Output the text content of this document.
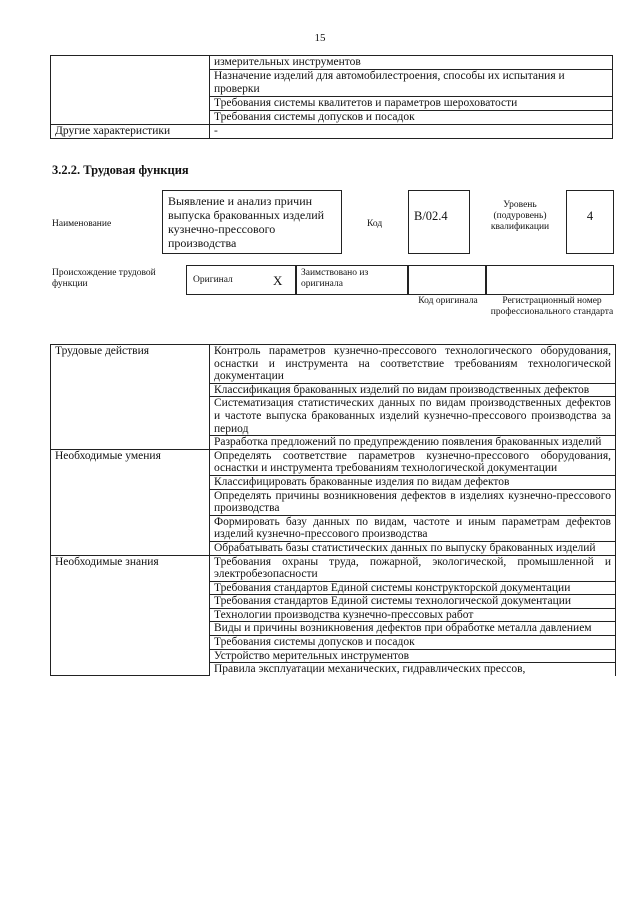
15
	измерительных инструментов
	Назначение изделий для автомобилестроения, способы их испытания и проверки
	Требования системы квалитетов и параметров шероховатости
	Требования системы допусков и посадок
Другие характеристики	-
3.2.2. Трудовая функция
Наименование
Выявление и анализ причин выпуска бракованных изделий кузнечно-прессового производства
Код
B/02.4
Уровень (подуровень) квалификации
4
Происхождение трудовой функции	Оригинал	X	Заимствовано из оригинала
Код оригинала	Регистрационный номер профессионального стандарта
Трудовые действия	Контроль параметров кузнечно-прессового технологического оборудования, оснастки и инструмента на соответствие требованиям технологической документации
	Классификация бракованных изделий по видам производственных дефектов
	Систематизация статистических данных по видам производственных дефектов и частоте выпуска бракованных изделий кузнечно-прессового производства за период
	Разработка предложений по предупреждению появления бракованных изделий
Необходимые умения	Определять соответствие параметров кузнечно-прессового оборудования, оснастки и инструмента требованиям технологической документации
	Классифицировать бракованные изделия по видам дефектов
	Определять причины возникновения дефектов в изделиях кузнечно-прессового производства
	Формировать базу данных по видам, частоте и иным параметрам дефектов изделий кузнечно-прессового производства
	Обрабатывать базы статистических данных по выпуску бракованных изделий
Необходимые знания	Требования охраны труда, пожарной, экологической, промышленной и электробезопасности
	Требования стандартов Единой системы конструкторской документации
	Требования стандартов Единой системы технологической документации
	Технологии производства кузнечно-прессовых работ
	Виды и причины возникновения дефектов при обработке металла давлением
	Требования системы допусков и посадок
	Устройство мерительных инструментов
	Правила эксплуатации механических, гидравлических прессов,
